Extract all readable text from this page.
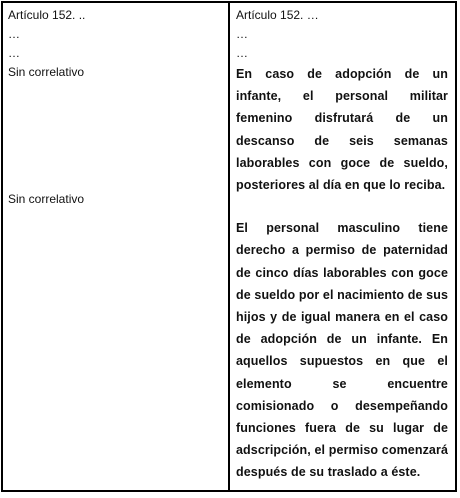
Artículo 152. ..
…
…
Sin correlativo
Sin correlativo
Artículo 152. …
…
…

En caso de adopción de un infante, el personal militar femenino disfrutará de un descanso de seis semanas laborables con goce de sueldo, posteriores al día en que lo reciba.

El personal masculino tiene derecho a permiso de paternidad de cinco días laborables con goce de sueldo por el nacimiento de sus hijos y de igual manera en el caso de adopción de un infante. En aquellos supuestos en que el elemento se encuentre comisionado o desempeñando funciones fuera de su lugar de adscripción, el permiso comenzará después de su traslado a éste.
